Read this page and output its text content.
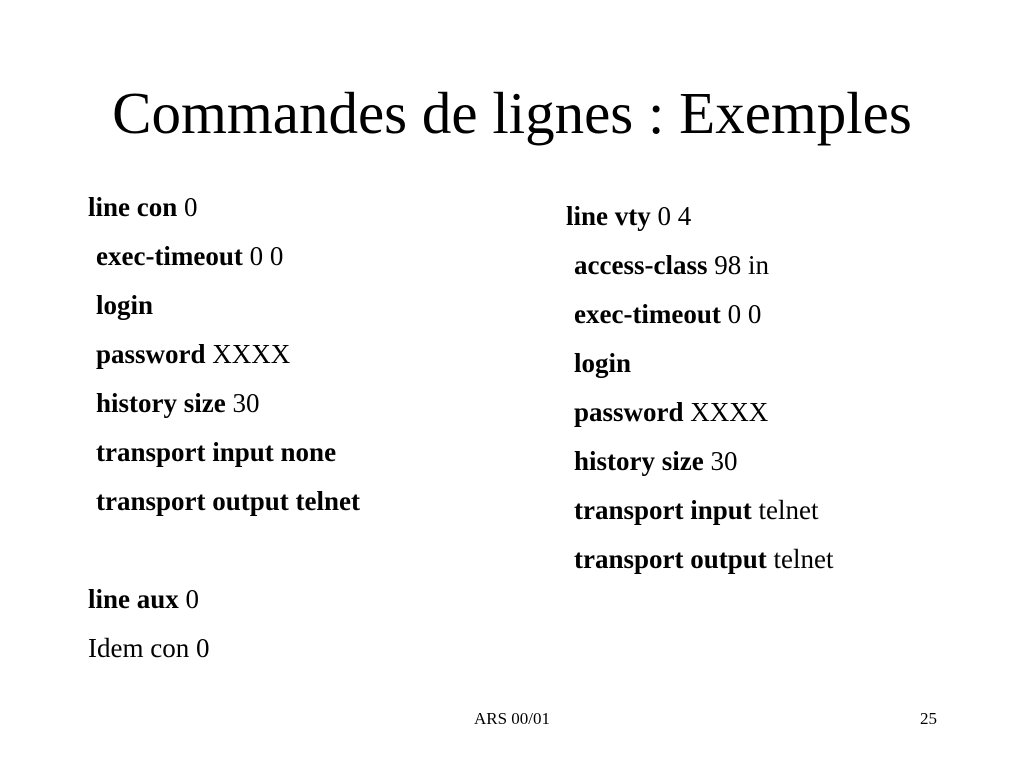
Commandes de lignes : Exemples
line con 0
exec-timeout 0 0
login
password XXXX
history size 30
transport input none
transport output telnet
line aux 0
Idem con 0
line vty 0 4
access-class 98 in
exec-timeout 0 0
login
password XXXX
history size 30
transport input telnet
transport output telnet
ARS 00/01	25
